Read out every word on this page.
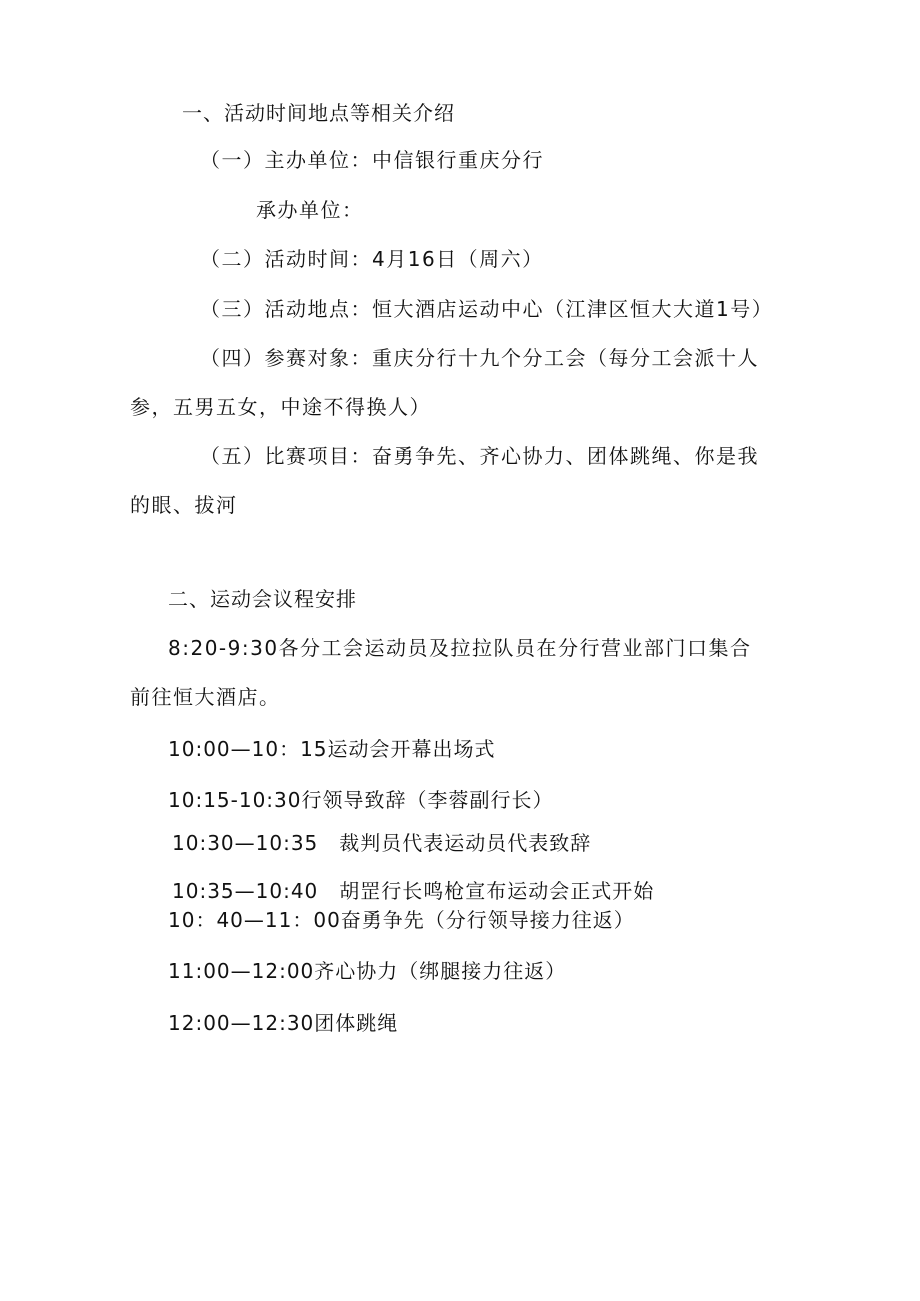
一、活动时间地点等相关介绍

（一）主办单位：中信银行重庆分行

承办单位：

（二）活动时间：4月16日（周六）

（三）活动地点：恒大酒店运动中心（江津区恒大大道1号）

（四）参赛对象：重庆分行十九个分工会（每分工会派十人

参，五男五女，中途不得换人）

（五）比赛项目：奋勇争先、齐心协力、团体跳绳、你是我

的眼、拔河

二、运动会议程安排

8:20-9:30各分工会运动员及拉拉队员在分行营业部门口集合

前往恒大酒店。

10:00—10：15运动会开幕出场式

10:15-10:30行领导致辞（李蓉副行长）

10:30—10:35　裁判员代表运动员代表致辞

10:35—10:40　胡罡行长鸣枪宣布运动会正式开始

10：40—11：00奋勇争先（分行领导接力往返）

11:00—12:00齐心协力（绑腿接力往返）

12:00—12:30团体跳绳
